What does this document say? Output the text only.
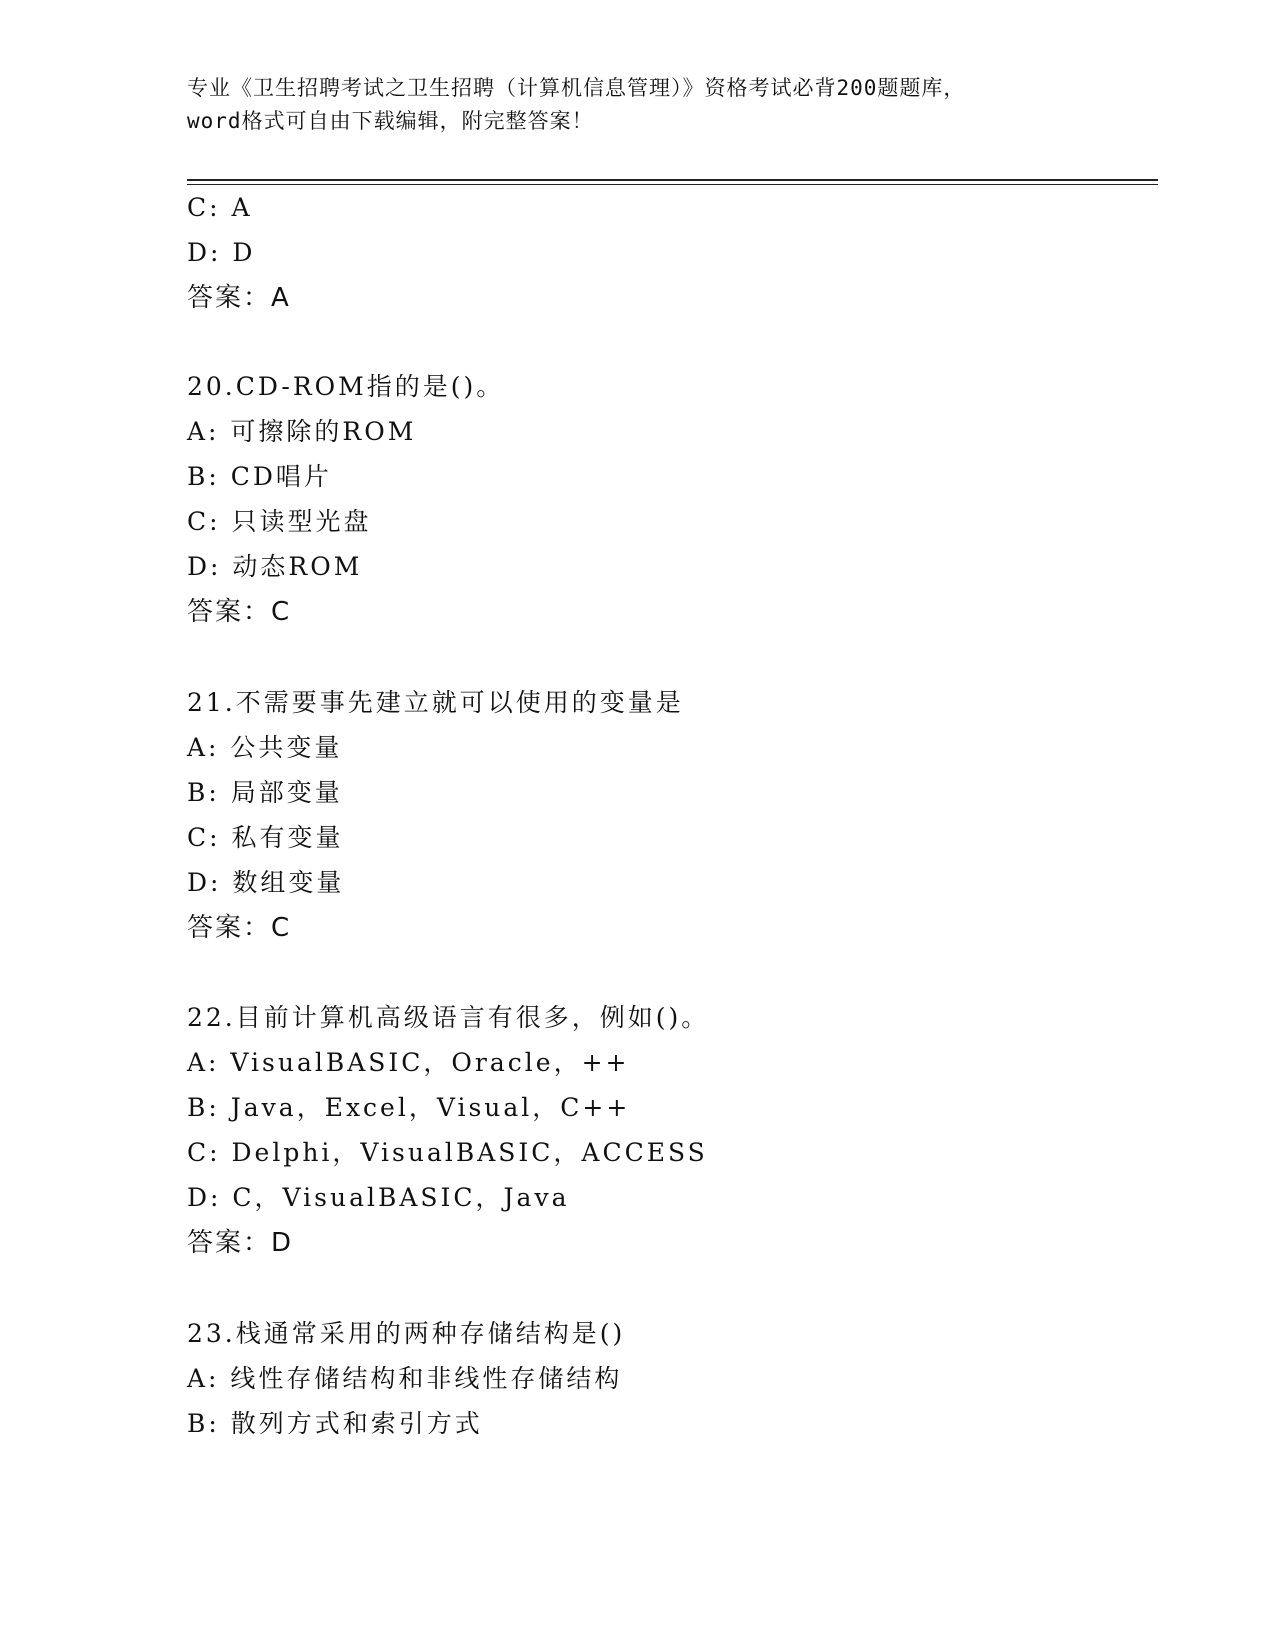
专业《卫生招聘考试之卫生招聘（计算机信息管理）》资格考试必背200题题库，
word格式可自由下载编辑，附完整答案！
C: A
D: D
答案：A
20.CD-ROM指的是()。
A: 可擦除的ROM
B: CD唱片
C: 只读型光盘
D: 动态ROM
答案：C
21.不需要事先建立就可以使用的变量是
A: 公共变量
B: 局部变量
C: 私有变量
D: 数组变量
答案：C
22.目前计算机高级语言有很多，例如()。
A: VisualBASIC，Oracle，++
B: Java，Excel，Visual，C++
C: Delphi，VisualBASIC，ACCESS
D: C，VisualBASIC，Java
答案：D
23.栈通常采用的两种存储结构是()
A: 线性存储结构和非线性存储结构
B: 散列方式和索引方式
